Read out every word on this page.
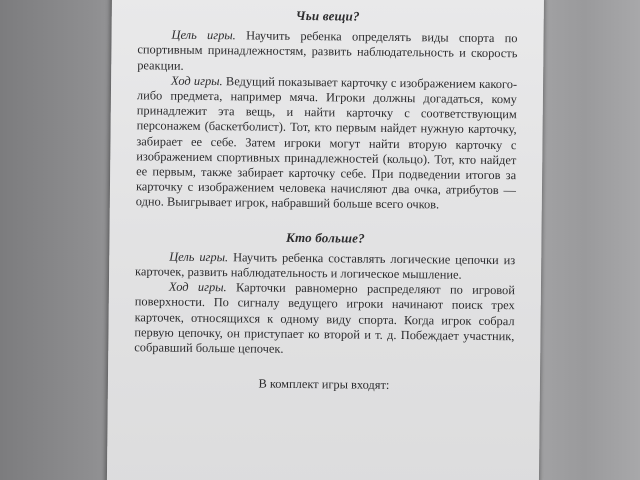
Чьи вещи?

Цель игры. Научить ребенка определять виды спорта по спортивным принадлежностям, развить наблюдательность и скорость реакции.

Ход игры. Ведущий показывает карточку с изображением какого-либо предмета, например мяча. Игроки должны догадаться, кому принадлежит эта вещь, и найти карточку с соответствующим персонажем (баскетболист). Тот, кто первым найдет нужную карточку, забирает ее себе. Затем игроки могут найти вторую карточку с изображением спортивных принадлежностей (кольцо). Тот, кто найдет ее первым, также забирает карточку себе. При подведении итогов за карточку с изображением человека начисляют два очка, атрибутов — одно. Выигрывает игрок, набравший больше всего очков.

Кто больше?

Цель игры. Научить ребенка составлять логические цепочки из карточек, развить наблюдательность и логическое мышление.

Ход игры. Карточки равномерно распределяют по игровой поверхности. По сигналу ведущего игроки начинают поиск трех карточек, относящихся к одному виду спорта. Когда игрок собрал первую цепочку, он приступает ко второй и т. д. Побеждает участник, собравший больше цепочек.

В комплект игры входят:
